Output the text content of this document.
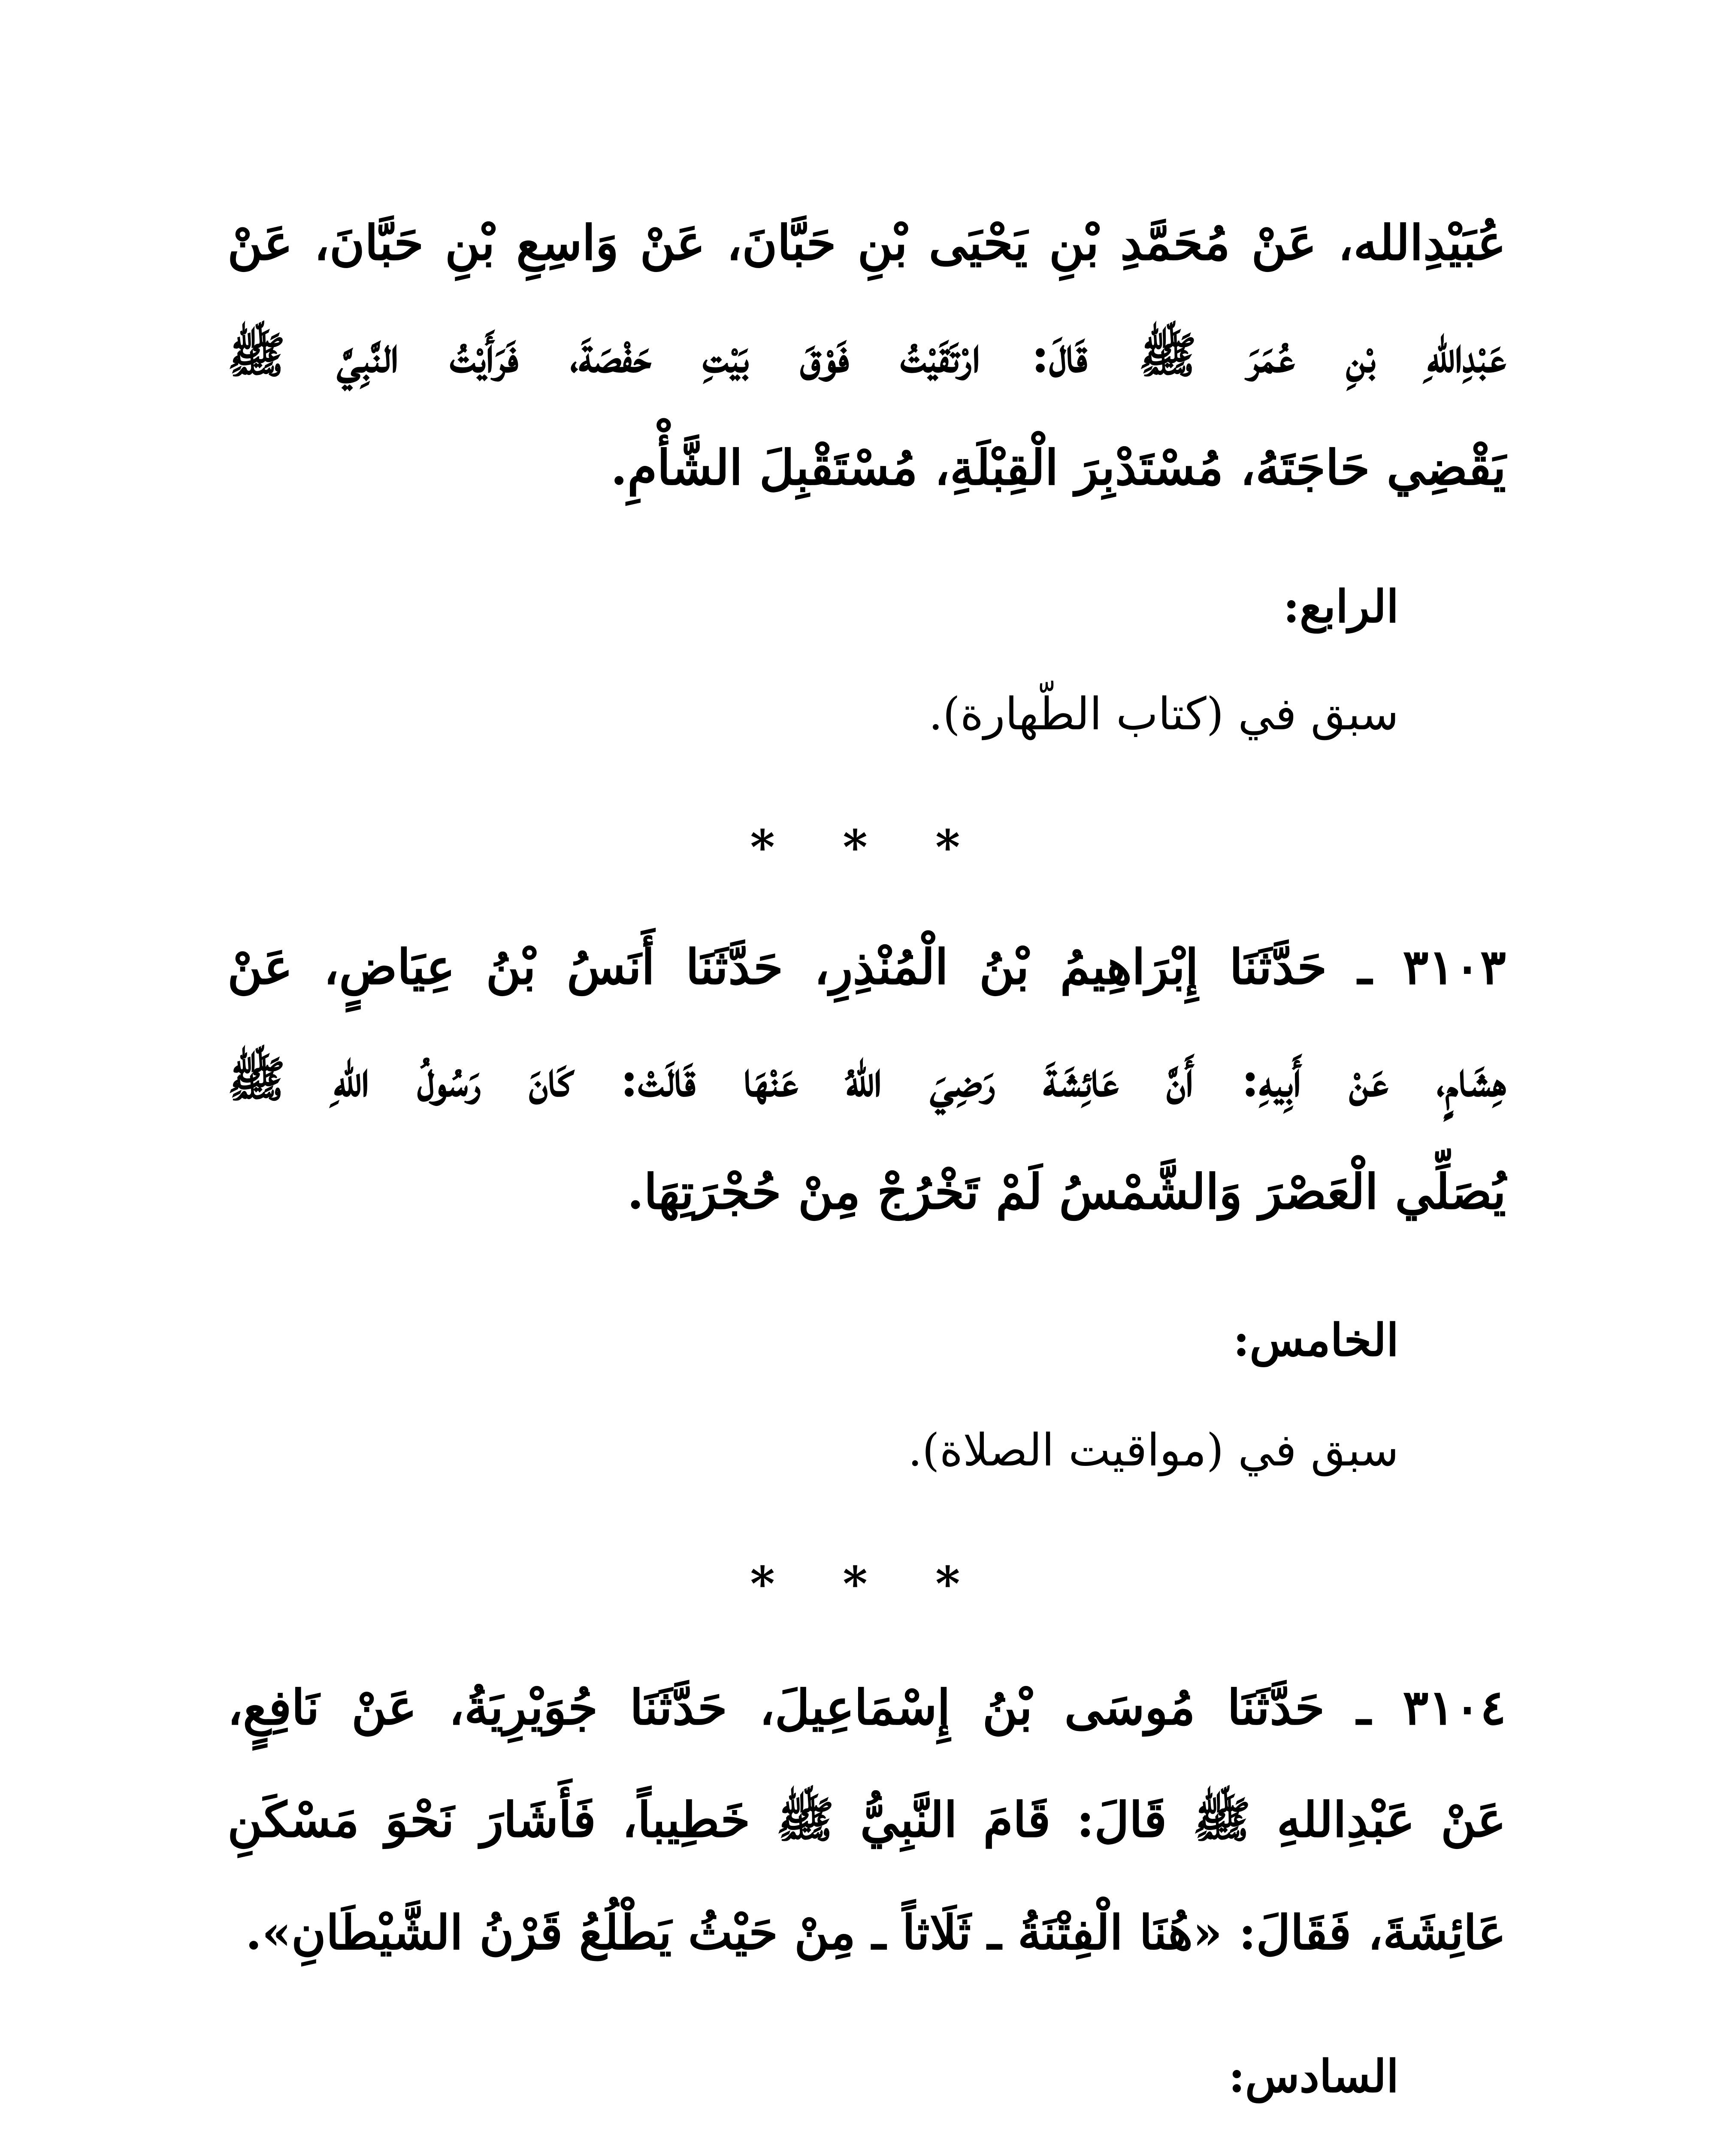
عُبَيْدِالله، عَنْ مُحَمَّدِ بْنِ يَحْيَى بْنِ حَبَّانَ، عَنْ وَاسِعِ بْنِ حَبَّانَ، عَنْ
عَبْدِاللهِ بْنِ عُمَرَ ﷺ قَالَ: ارْتَقَيْتُ فَوْقَ بَيْتِ حَفْصَةَ، فَرَأَيْتُ النَّبِيَّ ﷺ
يَقْضِي حَاجَتَهُ، مُسْتَدْبِرَ الْقِبْلَةِ، مُسْتَقْبِلَ الشَّأْمِ.
الرابع:
سبق في (كتاب الطّهارة).
* * *
٣١٠٣ ـ حَدَّثَنَا إِبْرَاهِيمُ بْنُ الْمُنْذِرِ، حَدَّثَنَا أَنَسُ بْنُ عِيَاضٍ، عَنْ
هِشَامٍ، عَنْ أَبِيهِ: أَنَّ عَائِشَةَ رَضِيَ اللهُ عَنْهَا قَالَتْ: كَانَ رَسُولُ اللهِ ﷺ
يُصَلِّي الْعَصْرَ وَالشَّمْسُ لَمْ تَخْرُجْ مِنْ حُجْرَتِهَا.
الخامس:
سبق في (مواقيت الصلاة).
* * *
٣١٠٤ ـ حَدَّثَنَا مُوسَى بْنُ إِسْمَاعِيلَ، حَدَّثَنَا جُوَيْرِيَةُ، عَنْ نَافِعٍ،
عَنْ عَبْدِاللهِ ﷺ قَالَ: قَامَ النَّبِيُّ ﷺ خَطِيباً، فَأَشَارَ نَحْوَ مَسْكَنِ
عَائِشَةَ، فَقَالَ: «هُنَا الْفِتْنَةُ ـ ثَلَاثاً ـ مِنْ حَيْثُ يَطْلُعُ قَرْنُ الشَّيْطَانِ».
السادس:
